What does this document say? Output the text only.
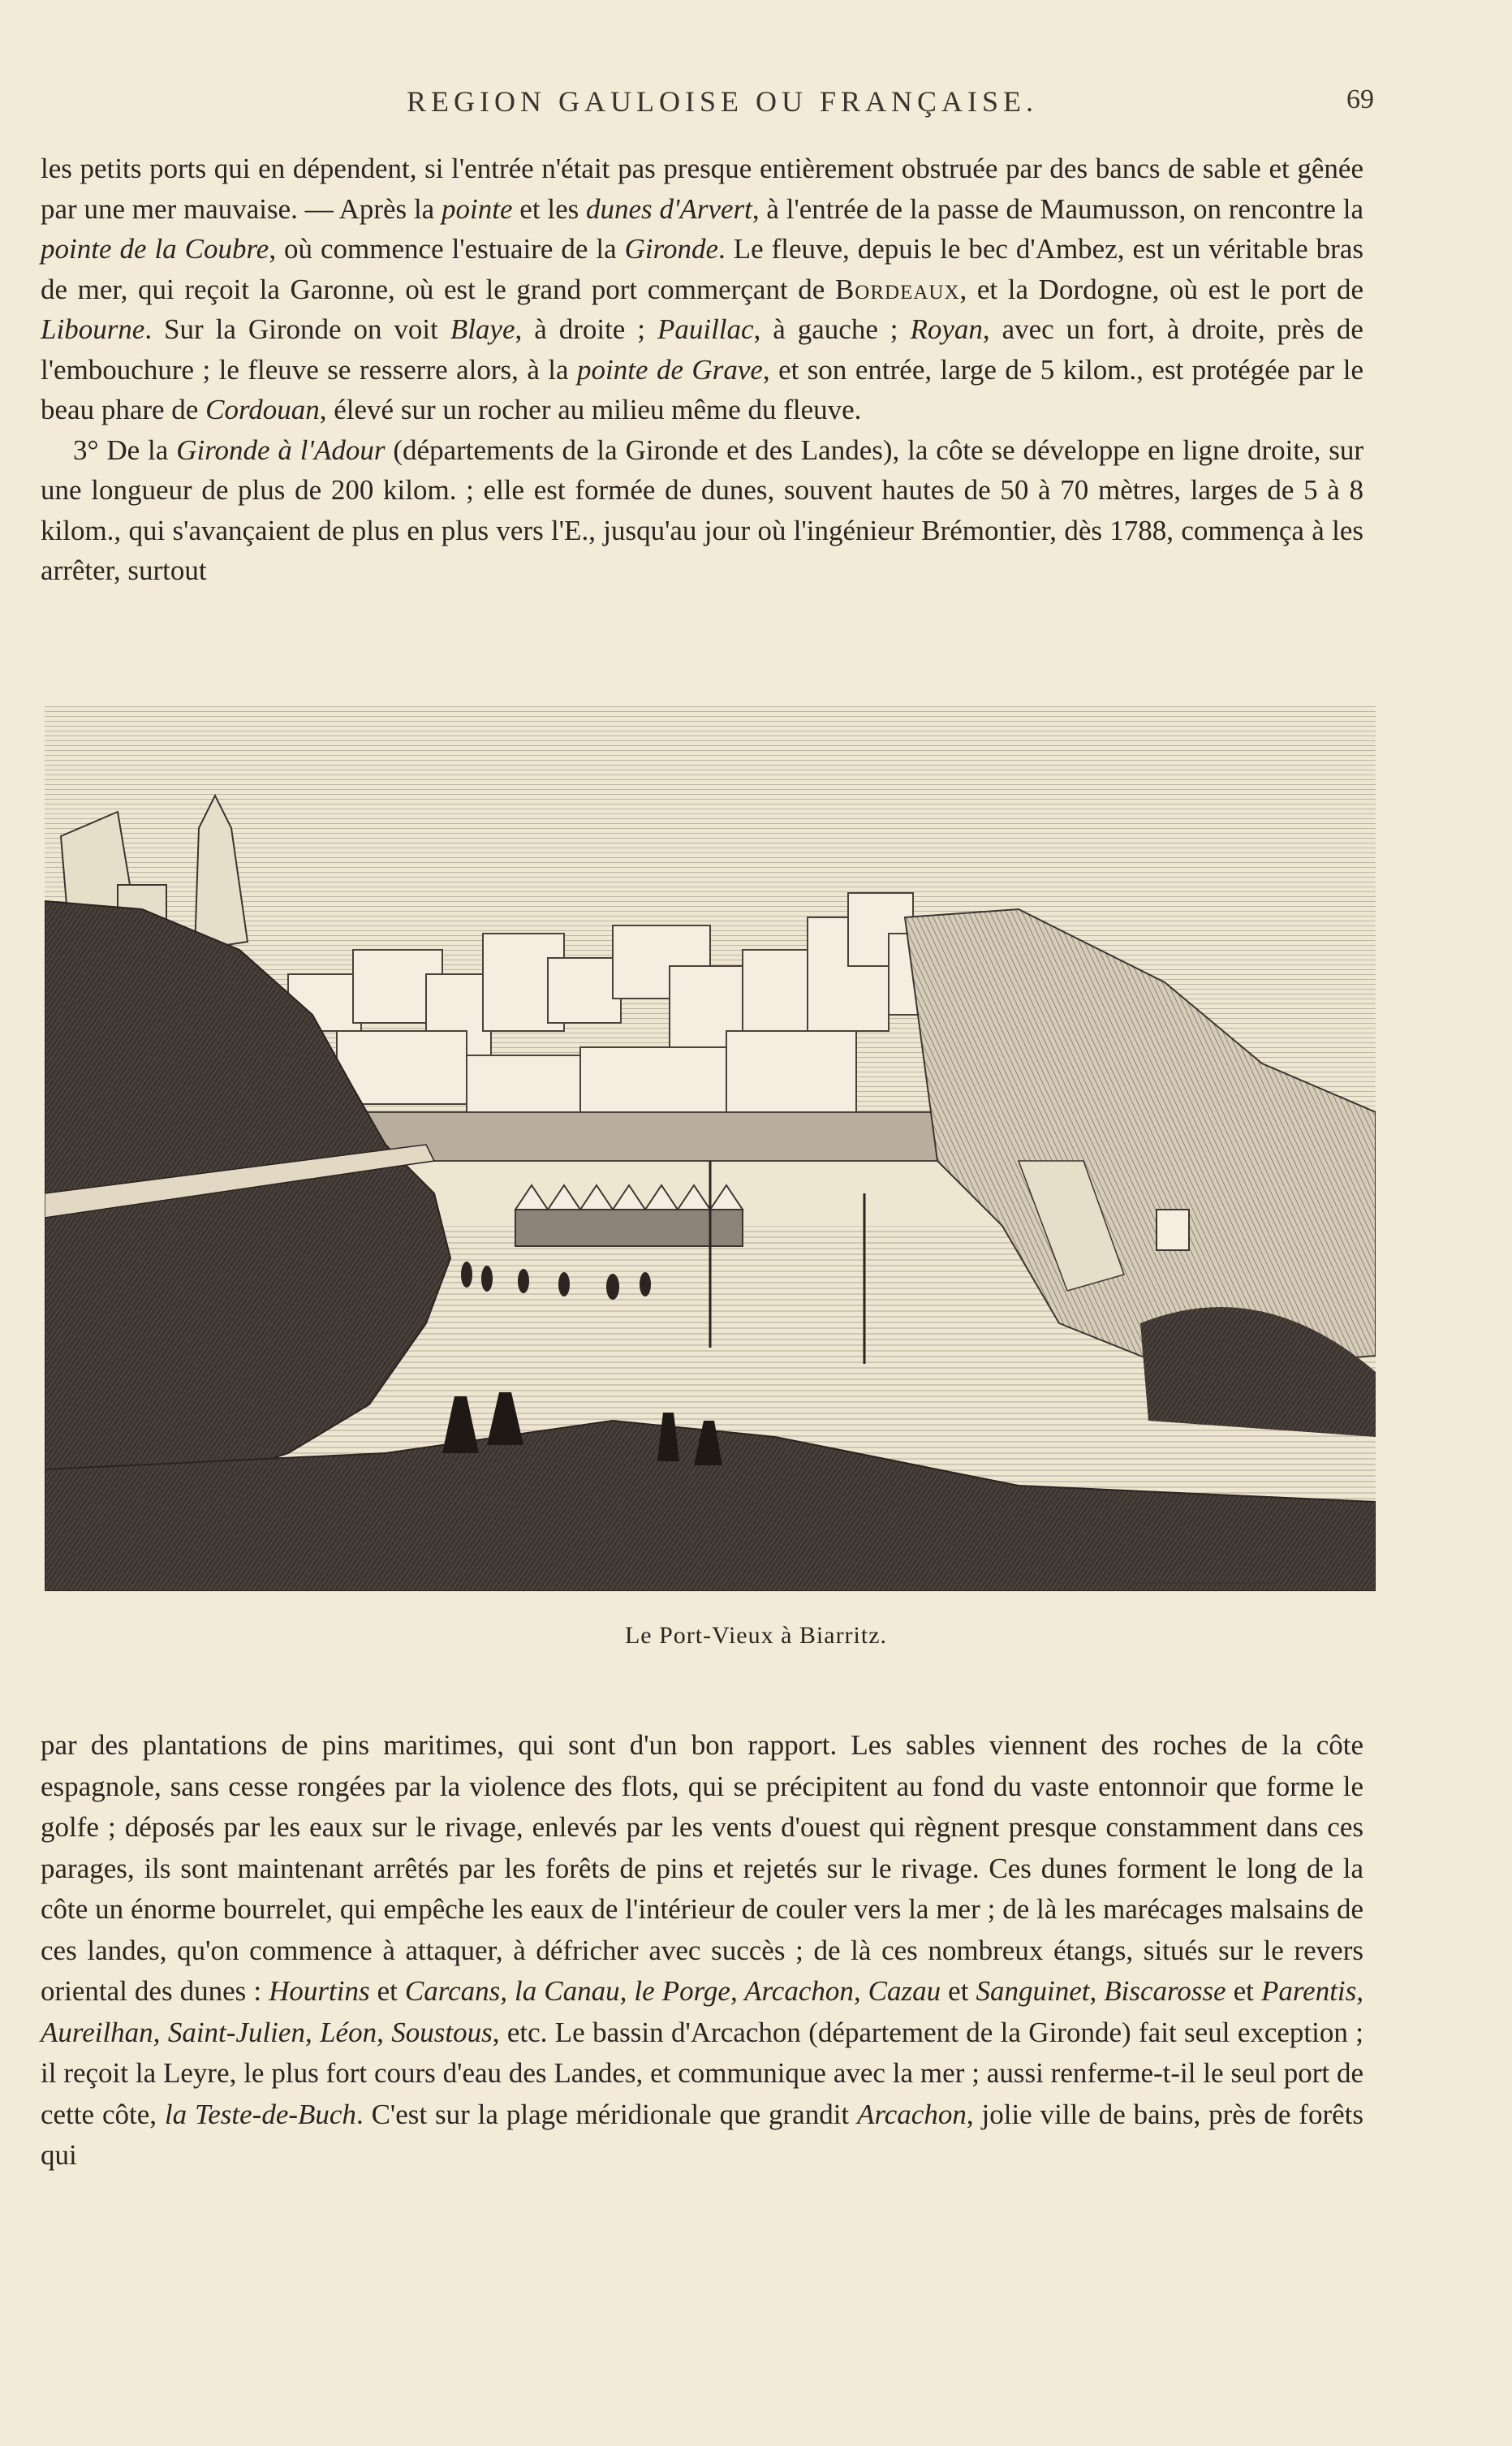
REGION GAULOISE OU FRANÇAISE.	69

les petits ports qui en dépendent, si l'entrée n'était pas presque entièrement obstruée par des bancs de sable et gênée par une mer mauvaise. — Après la pointe et les dunes d'Arvert, à l'entrée de la passe de Maumusson, on rencontre la pointe de la Coubre, où commence l'estuaire de la Gironde. Le fleuve, depuis le bec d'Ambez, est un véritable bras de mer, qui reçoit la Garonne, où est le grand port commerçant de Bordeaux, et la Dordogne, où est le port de Libourne. Sur la Gironde on voit Blaye, à droite ; Pauillac, à gauche ; Royan, avec un fort, à droite, près de l'embouchure ; le fleuve se resserre alors, à la pointe de Grave, et son entrée, large de 5 kilom., est protégée par le beau phare de Cordouan, élevé sur un rocher au milieu même du fleuve.

3° De la Gironde à l'Adour (départements de la Gironde et des Landes), la côte se développe en ligne droite, sur une longueur de plus de 200 kilom. ; elle est formée de dunes, souvent hautes de 50 à 70 mètres, larges de 5 à 8 kilom., qui s'avançaient de plus en plus vers l'E., jusqu'au jour où l'ingénieur Brémontier, dès 1788, commença à les arrêter, surtout

Le Port-Vieux à Biarritz.

par des plantations de pins maritimes, qui sont d'un bon rapport. Les sables viennent des roches de la côte espagnole, sans cesse rongées par la violence des flots, qui se précipitent au fond du vaste entonnoir que forme le golfe ; déposés par les eaux sur le rivage, enlevés par les vents d'ouest qui règnent presque constamment dans ces parages, ils sont maintenant arrêtés par les forêts de pins et rejetés sur le rivage. Ces dunes forment le long de la côte un énorme bourrelet, qui empêche les eaux de l'intérieur de couler vers la mer ; de là les marécages malsains de ces landes, qu'on commence à attaquer, à défricher avec succès ; de là ces nombreux étangs, situés sur le revers oriental des dunes : Hourtins et Carcans, la Canau, le Porge, Arcachon, Cazau et Sanguinet, Biscarosse et Parentis, Aureilhan, Saint-Julien, Léon, Soustous, etc. Le bassin d'Arcachon (département de la Gironde) fait seul exception ; il reçoit la Leyre, le plus fort cours d'eau des Landes, et communique avec la mer ; aussi renferme-t-il le seul port de cette côte, la Teste-de-Buch. C'est sur la plage méridionale que grandit Arcachon, jolie ville de bains, près de forêts qui
